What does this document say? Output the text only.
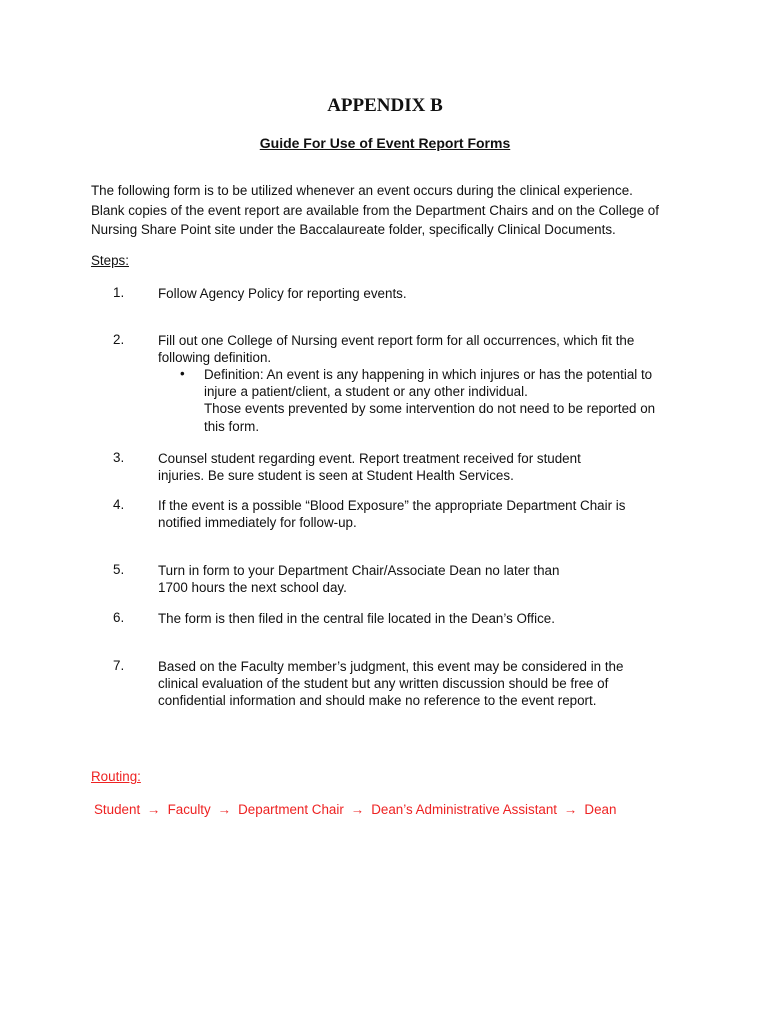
APPENDIX B
Guide For Use of Event Report Forms
The following form is to be utilized whenever an event occurs during the clinical experience.
Blank copies of the event report are available from the Department Chairs and on the College of
Nursing Share Point site under the Baccalaureate folder, specifically Clinical Documents.
Steps:
1.	Follow Agency Policy for reporting events.
2.	Fill out one College of Nursing event report form for all occurrences, which fit the
following definition.
• Definition: An event is any happening in which injures or has the potential to
injure a patient/client, a student or any other individual.
Those events prevented by some intervention do not need to be reported on
this form.
3.	Counsel student regarding event. Report treatment received for student
injuries. Be sure student is seen at Student Health Services.
4.	If the event is a possible “Blood Exposure” the appropriate Department Chair is
notified immediately for follow-up.
5.	Turn in form to your Department Chair/Associate Dean no later than
1700 hours the next school day.
6.	The form is then filed in the central file located in the Dean’s Office.
7.	Based on the Faculty member’s judgment, this event may be considered in the
clinical evaluation of the student but any written discussion should be free of
confidential information and should make no reference to the event report.
Routing:
Student → Faculty → Department Chair → Dean’s Administrative Assistant → Dean
